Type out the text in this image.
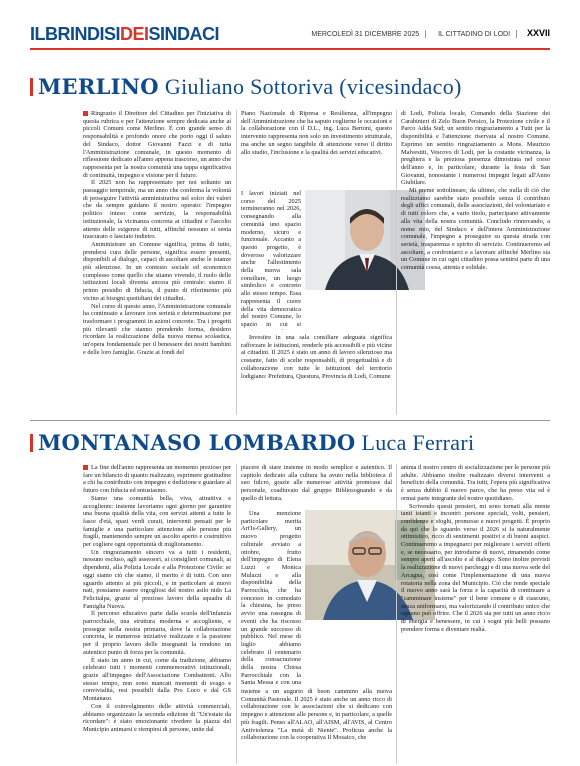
ILBRINDISIDEISINDACI	MERCOLEDÌ 31 DICEMBRE 2025	IL CITTADINO DI LODI XXVII
MERLINO Giuliano Sottoriva (vicesindaco)

Ringrazio il Direttore del Cittadino per l'iniziativa di questa rubrica e per l'attenzione sempre dedicata anche ai piccoli Comuni come Merlino. È con grande senso di responsabilità e profondo onore che porto oggi il saluto del Sindaco, dottor Giovanni Fazzi e di tutta l'Amministrazione comunale, in questo momento di riflessione dedicato all'anno appena trascorso, un anno che rappresenta per la nostra comunità una tappa significativa di continuità, impegno e visione per il futuro.

Il 2025 non ha rappresentato per noi soltanto un passaggio temporale, ma un anno che conferma la volontà di proseguire l'attività amministrativa nel solco dei valori che da sempre guidano il nostro operato: l'impegno politico inteso come servizio, la responsabilità istituzionale, la vicinanza concreta ai cittadini e l'ascolto attento delle esigenze di tutti, affinché nessuno si senta trascurato o lasciato indietro.

Amministrare un Comune significa, prima di tutto, prendersi cura delle persone, significa essere presenti, disponibili al dialogo, capaci di ascoltare anche le istanze più silenziose. In un contesto sociale ed economico complesso come quello che stiamo vivendo, il ruolo delle istituzioni locali diventa ancora più centrale: siamo il primo presidio di fiducia, il punto di riferimento più vicino ai bisogni quotidiani dei cittadini.

Nel corso di questo anno, l'Amministrazione comunale ha continuato a lavorare con serietà e determinazione per trasformare i programmi in azioni concrete. Tra i progetti più rilevanti che stanno prendendo forma, desidero ricordare la realizzazione della nuova mensa scolastica, un'opera fondamentale per il benessere dei nostri bambini e delle loro famiglie. Grazie ai fondi del

Piano Nazionale di Ripresa e Resilienza, all'impegno dell'Amministrazione che ha saputo coglierne le occasioni e la collaborazione con il D.L., ing. Luca Bertoni, questo intervento rappresenta non solo un investimento strutturale, ma anche un segno tangibile di attenzione verso il diritto allo studio, l'inclusione e la qualità dei servizi educativi.

I lavori iniziati nel corso del 2025 termineranno nel 2026, consegnando alla comunità uno spazio moderno, sicuro e funzionale. Accanto a questo progetto, è doveroso valorizzare anche l'allestimento della nuova sala consiliare, un luogo simbolico e concreto allo stesso tempo. Essa rappresenta il cuore della vita democratica del nostro Comune, lo spazio in cui si

Investire in una sala consiliare adeguata significa rafforzare le istituzioni, renderle più accessibili e più vicine ai cittadini. Il 2025 è stato un anno di lavoro silenzioso ma costante, fatto di scelte responsabili, di progettualità e di collaborazione con tutte le istituzioni del territorio lodigiano: Prefettura, Questura, Provincia di Lodi, Comune

di Lodi, Polizia locale, Comando della Stazione dei Carabinieri di Zelo Buon Persico, la Protezione civile e il Parco Adda Sud; un sentito ringraziamento a Tutti per la disponibilità e l'attenzione riservata al nostro Comune. Esprimo un sentito ringraziamento a Mons. Maurizio Malvestiti, Vescovo di Lodi, per la costante vicinanza, la preghiera e la preziosa presenza dimostrata nel corso dell'anno e, in particolare, durante la festa di San Giovanni, nonostante i numerosi impegni legati all'Anno Giubilare.

Mi preme sottolineare, da ultimo, che nulla di ciò che realizziamo sarebbe stato possibile senza il contributo degli uffici comunali, delle associazioni, del volontariato e di tutti coloro che, a vario titolo, partecipano attivamente alla vita della nostra comunità. Concludo rinnovando, a nome mio, del Sindaco e dell'intera Amministrazione comunale, l'impegno a proseguire su questa strada con serietà, trasparenza e spirito di servizio. Continueremo ad ascoltare, a confrontarci e a lavorare affinché Merlino sia un Comune in cui ogni cittadino possa sentirsi parte di una comunità coesa, attenta e solidale.

MONTANASO LOMBARDO Luca Ferrari

La fine dell'anno rappresenta un momento prezioso per fare un bilancio di quanto realizzato, esprimere gratitudine a chi ha contribuito con impegno e dedizione e guardare al futuro con fiducia ed entusiasmo.

Siamo una comunità bella, viva, attrattiva e accogliente: insieme lavoriamo ogni giorno per garantire una buona qualità della vita, con servizi attenti a tutte le fasce d'età, spazi verdi curati, interventi pensati per le famiglie e una particolare attenzione alle persone più fragili, mantenendo sempre un ascolto aperto e costruttivo per cogliere ogni opportunità di miglioramento.

Un ringraziamento sincero va a tutti i residenti, nessuno escluso, agli assessori, ai consiglieri comunali, ai dipendenti, alla Polizia Locale e alla Protezione Civile: se oggi siamo ciò che siamo, il merito è di tutti. Con uno sguardo attento ai più piccoli, e in particolare ai nuovi nati, possiamo essere orgogliosi del nostro asilo nido La Felicitalpa, grazie al prezioso lavoro della squadra di Famiglia Nuova.

Il percorso educativo parte dalla scuola dell'infanzia parrocchiale, una struttura moderna e accogliente, e prosegue nella nostra primaria, dove la collaborazione concreta, le numerose iniziative realizzate e la passione per il proprio lavoro delle insegnanti la rendono un autentico punto di forza per la comunità.

È stato un anno in cui, come da tradizione, abbiamo celebrato tutti i momenti commemorativi istituzionali, grazie all'impegno dell'Associazione Combattenti. Allo stesso tempo, non sono mancati momenti di svago e convivialità, resi possibili dalla Pro Loco e dal GS Montanaso.

Con il coinvolgimento delle attività commerciali, abbiamo organizzato la seconda edizione di "Un'estate da ricordare": è stato emozionante rivedere la piazza del Municipio animarsi e riempirsi di persone, unite dal

piacere di stare insieme in modo semplice e autentico. Il capitolo dedicato alla cultura ha avuto nella biblioteca il suo fulcro, grazie alle numerose attività promosse dal personale, coadiuvato dal gruppo Bibliosognando e da quello di lettura.

Una menzione particolare merita Art'Is-Gallery, un nuovo progetto culturale avviato a ottobre, frutto dell'impegno di Elena Luzzi e Monica Mulazzi e alla disponibilità della Parrocchia, che ha concesso in comodato la chiesina, ha preso avvio una rassegna di eventi che ha riscosso un grande successo di pubblico. Nel mese di luglio abbiamo celebrato il centenario della consacrazione della nostra Chiesa Parrocchiale con la Santa Messa e con una

insieme a un augurio di buon cammino alla nuova Comunità Pastorale. Il 2025 è stato anche un anno ricco di collaborazione con le associazioni che si dedicano con impegno e attenzione alle persone e, in particolare, a quelle più fragili. Penso all'ALAO, all'AISM, all'AVIS, al Centro Antiviolenza "La metà di Niente". Proficua anche la collaborazione con la cooperativa Il Mosaico, che

anima il nostro centro di socializzazione per le persone più adulte. Abbiamo inoltre realizzato diversi interventi a beneficio della comunità. Tra tutti, l'opera più significativa è senza dubbio il nuovo parco, che ha preso vita ed è ormai parte integrante del nostro quotidiano.

Scrivendo questi pensieri, mi sono tornati alla mente tanti istanti e incontri: persone speciali, volti, pensieri, confidenze e sfoghi, promesse e nuovi progetti. È proprio da qui che lo sguardo verso il 2026 si fa naturalmente ottimistico, ricco di sentimenti positivi e di buoni auspici. Continueremo a impegnarci per migliorare i servizi offerti e, se necessario, per introdurne di nuovi, rimanendo come sempre aperti all'ascolto e al dialogo. Sono inoltre previsti la realizzazione di nuovi parcheggi e di una nuova sede del Arcagna, così come l'implementazione di una nuova rotatoria nella zona del Municipio. Ciò che rende speciale il nuovo anno sarà la forza e la capacità di continuare a "camminare insieme" per il bene comune e di ciascuno, senza uniformarsi, ma valorizzando il contributo unico che ognuno può offrire. Che il 2026 sia per tutti un anno ricco di energia e benessere, in cui i sogni più belli possano prendere forma e diventare realtà.
